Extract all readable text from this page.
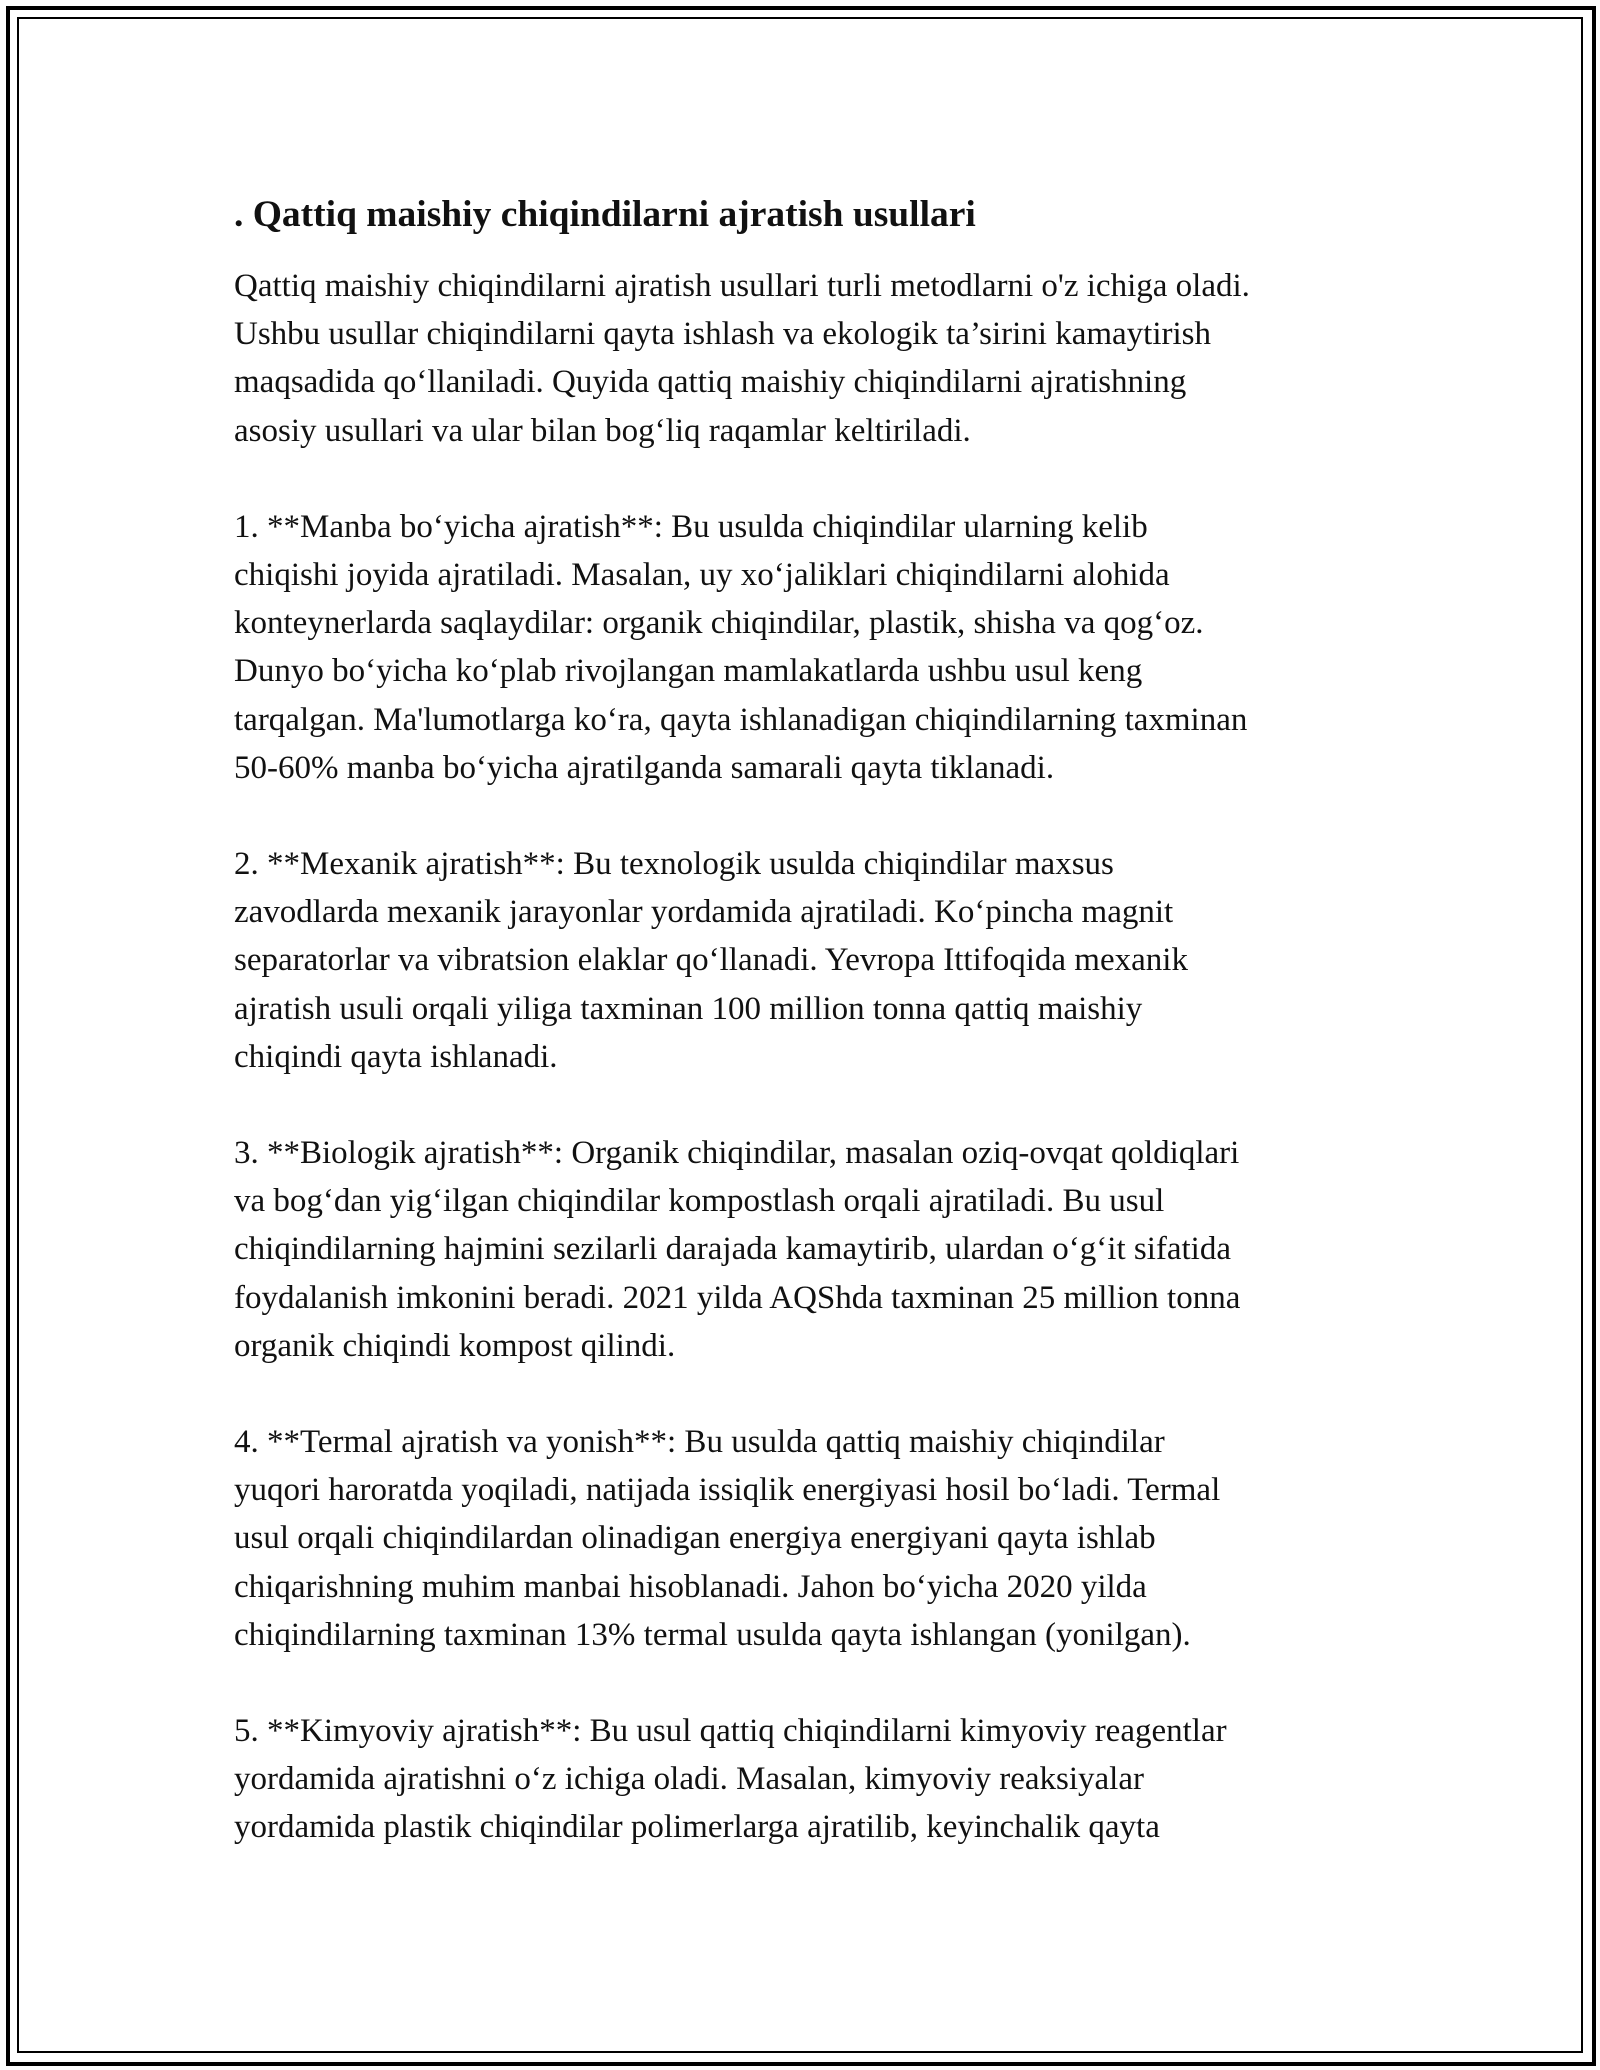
. Qattiq maishiy chiqindilarni ajratish usullari

Qattiq maishiy chiqindilarni ajratish usullari turli metodlarni o'z ichiga oladi.
Ushbu usullar chiqindilarni qayta ishlash va ekologik ta’sirini kamaytirish
maqsadida qo‘llaniladi. Quyida qattiq maishiy chiqindilarni ajratishning
asosiy usullari va ular bilan bog‘liq raqamlar keltiriladi.

1. **Manba bo‘yicha ajratish**: Bu usulda chiqindilar ularning kelib
chiqishi joyida ajratiladi. Masalan, uy xo‘jaliklari chiqindilarni alohida
konteynerlarda saqlaydilar: organik chiqindilar, plastik, shisha va qog‘oz.
Dunyo bo‘yicha ko‘plab rivojlangan mamlakatlarda ushbu usul keng
tarqalgan. Ma'lumotlarga ko‘ra, qayta ishlanadigan chiqindilarning taxminan
50-60% manba bo‘yicha ajratilganda samarali qayta tiklanadi.

2. **Mexanik ajratish**: Bu texnologik usulda chiqindilar maxsus
zavodlarda mexanik jarayonlar yordamida ajratiladi. Ko‘pincha magnit
separatorlar va vibratsion elaklar qo‘llanadi. Yevropa Ittifoqida mexanik
ajratish usuli orqali yiliga taxminan 100 million tonna qattiq maishiy
chiqindi qayta ishlanadi.

3. **Biologik ajratish**: Organik chiqindilar, masalan oziq-ovqat qoldiqlari
va bog‘dan yig‘ilgan chiqindilar kompostlash orqali ajratiladi. Bu usul
chiqindilarning hajmini sezilarli darajada kamaytirib, ulardan o‘g‘it sifatida
foydalanish imkonini beradi. 2021 yilda AQShda taxminan 25 million tonna
organik chiqindi kompost qilindi.

4. **Termal ajratish va yonish**: Bu usulda qattiq maishiy chiqindilar
yuqori haroratda yoqiladi, natijada issiqlik energiyasi hosil bo‘ladi. Termal
usul orqali chiqindilardan olinadigan energiya energiyani qayta ishlab
chiqarishning muhim manbai hisoblanadi. Jahon bo‘yicha 2020 yilda
chiqindilarning taxminan 13% termal usulda qayta ishlangan (yonilgan).

5. **Kimyoviy ajratish**: Bu usul qattiq chiqindilarni kimyoviy reagentlar
yordamida ajratishni o‘z ichiga oladi. Masalan, kimyoviy reaksiyalar
yordamida plastik chiqindilar polimerlarga ajratilib, keyinchalik qayta
